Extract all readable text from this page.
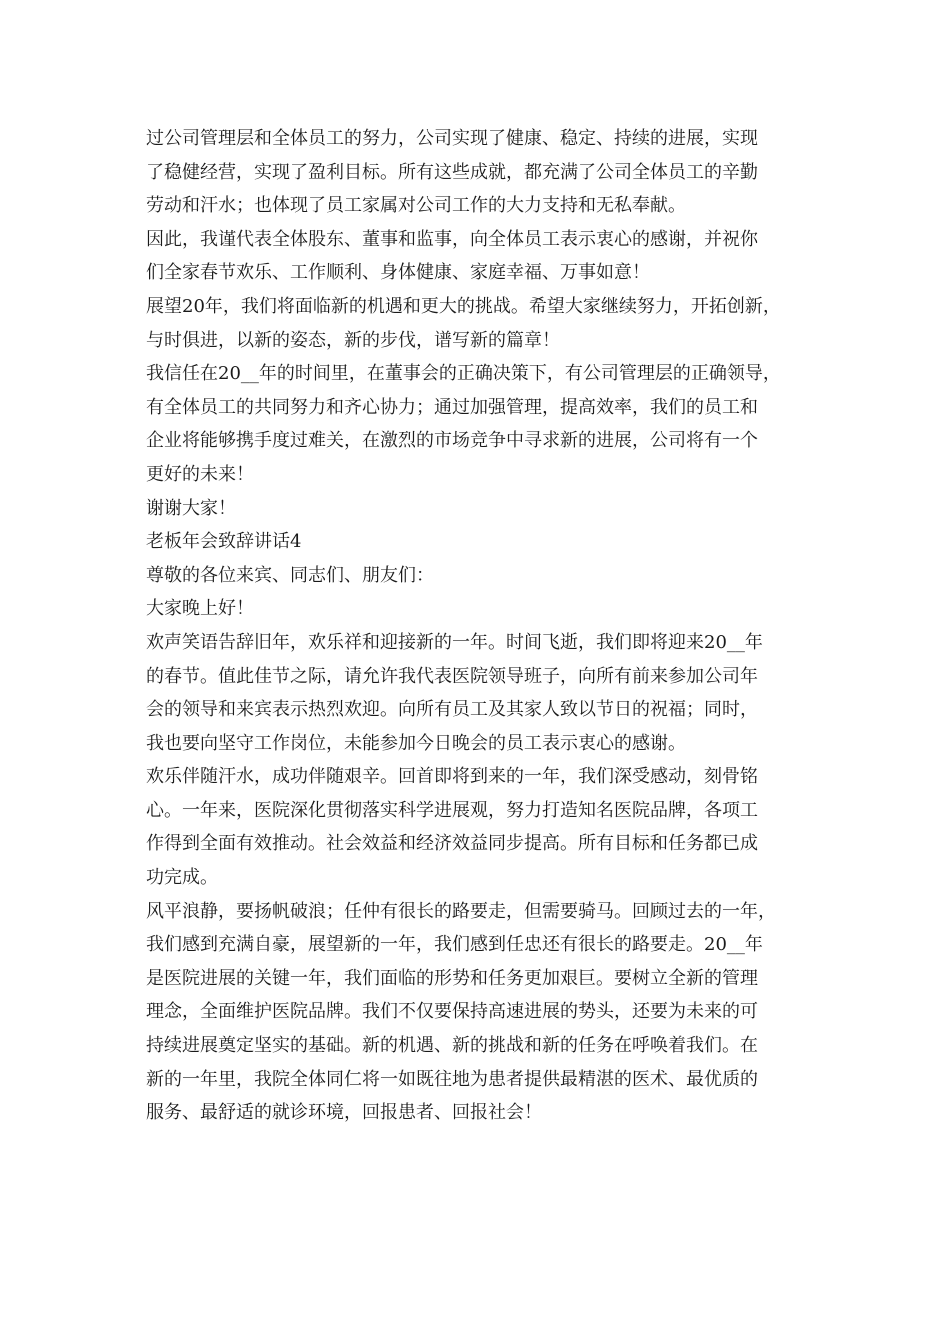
过公司管理层和全体员工的努力，公司实现了健康、稳定、持续的进展，实现
了稳健经营，实现了盈利目标。所有这些成就，都充满了公司全体员工的辛勤
劳动和汗水；也体现了员工家属对公司工作的大力支持和无私奉献。
因此，我谨代表全体股东、董事和监事，向全体员工表示衷心的感谢，并祝你
们全家春节欢乐、工作顺利、身体健康、家庭幸福、万事如意！
展望20年，我们将面临新的机遇和更大的挑战。希望大家继续努力，开拓创新，
与时俱进，以新的姿态，新的步伐，谱写新的篇章！
我信任在20__年的时间里，在董事会的正确决策下，有公司管理层的正确领导，
有全体员工的共同努力和齐心协力；通过加强管理，提高效率，我们的员工和
企业将能够携手度过难关，在激烈的市场竞争中寻求新的进展，公司将有一个
更好的未来！
谢谢大家！
老板年会致辞讲话4
尊敬的各位来宾、同志们、朋友们：
大家晚上好！
欢声笑语告辞旧年，欢乐祥和迎接新的一年。时间飞逝，我们即将迎来20__年
的春节。值此佳节之际，请允许我代表医院领导班子，向所有前来参加公司年
会的领导和来宾表示热烈欢迎。向所有员工及其家人致以节日的祝福；同时，
我也要向坚守工作岗位，未能参加今日晚会的员工表示衷心的感谢。
欢乐伴随汗水，成功伴随艰辛。回首即将到来的一年，我们深受感动，刻骨铭
心。一年来，医院深化贯彻落实科学进展观，努力打造知名医院品牌，各项工
作得到全面有效推动。社会效益和经济效益同步提高。所有目标和任务都已成
功完成。
风平浪静，要扬帆破浪；任仲有很长的路要走，但需要骑马。回顾过去的一年，
我们感到充满自豪，展望新的一年，我们感到任忠还有很长的路要走。20__年
是医院进展的关键一年，我们面临的形势和任务更加艰巨。要树立全新的管理
理念，全面维护医院品牌。我们不仅要保持高速进展的势头，还要为未来的可
持续进展奠定坚实的基础。新的机遇、新的挑战和新的任务在呼唤着我们。在
新的一年里，我院全体同仁将一如既往地为患者提供最精湛的医术、最优质的
服务、最舒适的就诊环境，回报患者、回报社会！
